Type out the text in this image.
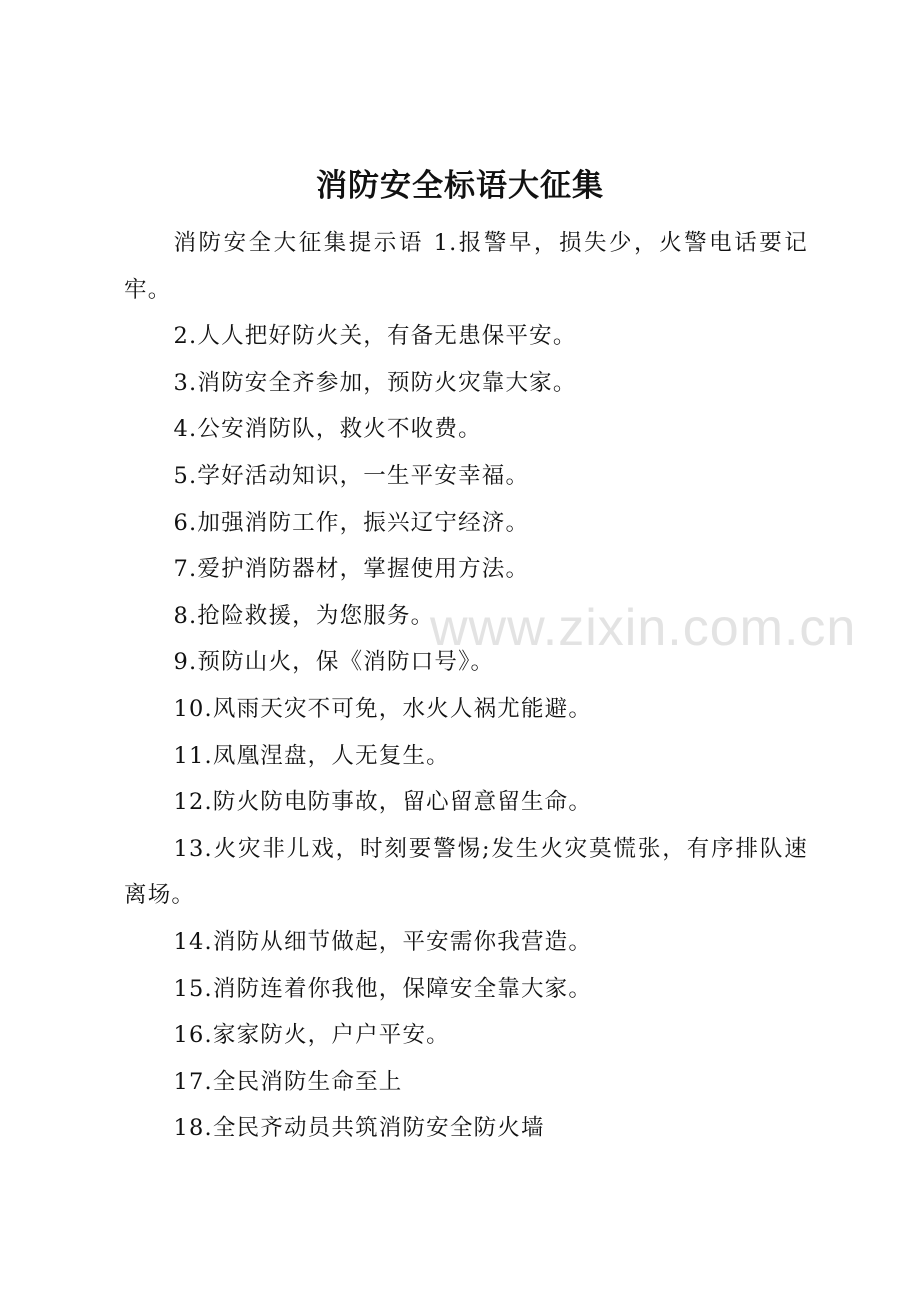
www.zixin.com.cn
消防安全标语大征集

消防安全大征集提示语 1.报警早，损失少，火警电话要记牢。

2.人人把好防火关，有备无患保平安。

3.消防安全齐参加，预防火灾靠大家。

4.公安消防队，救火不收费。

5.学好活动知识，一生平安幸福。

6.加强消防工作，振兴辽宁经济。

7.爱护消防器材，掌握使用方法。

8.抢险救援，为您服务。

9.预防山火，保《消防口号》。

10.风雨天灾不可免，水火人祸尤能避。

11.凤凰涅盘，人无复生。

12.防火防电防事故，留心留意留生命。

13.火灾非儿戏，时刻要警惕;发生火灾莫慌张，有序排队速离场。

14.消防从细节做起，平安需你我营造。

15.消防连着你我他，保障安全靠大家。

16.家家防火，户户平安。

17.全民消防生命至上

18.全民齐动员共筑消防安全防火墙
